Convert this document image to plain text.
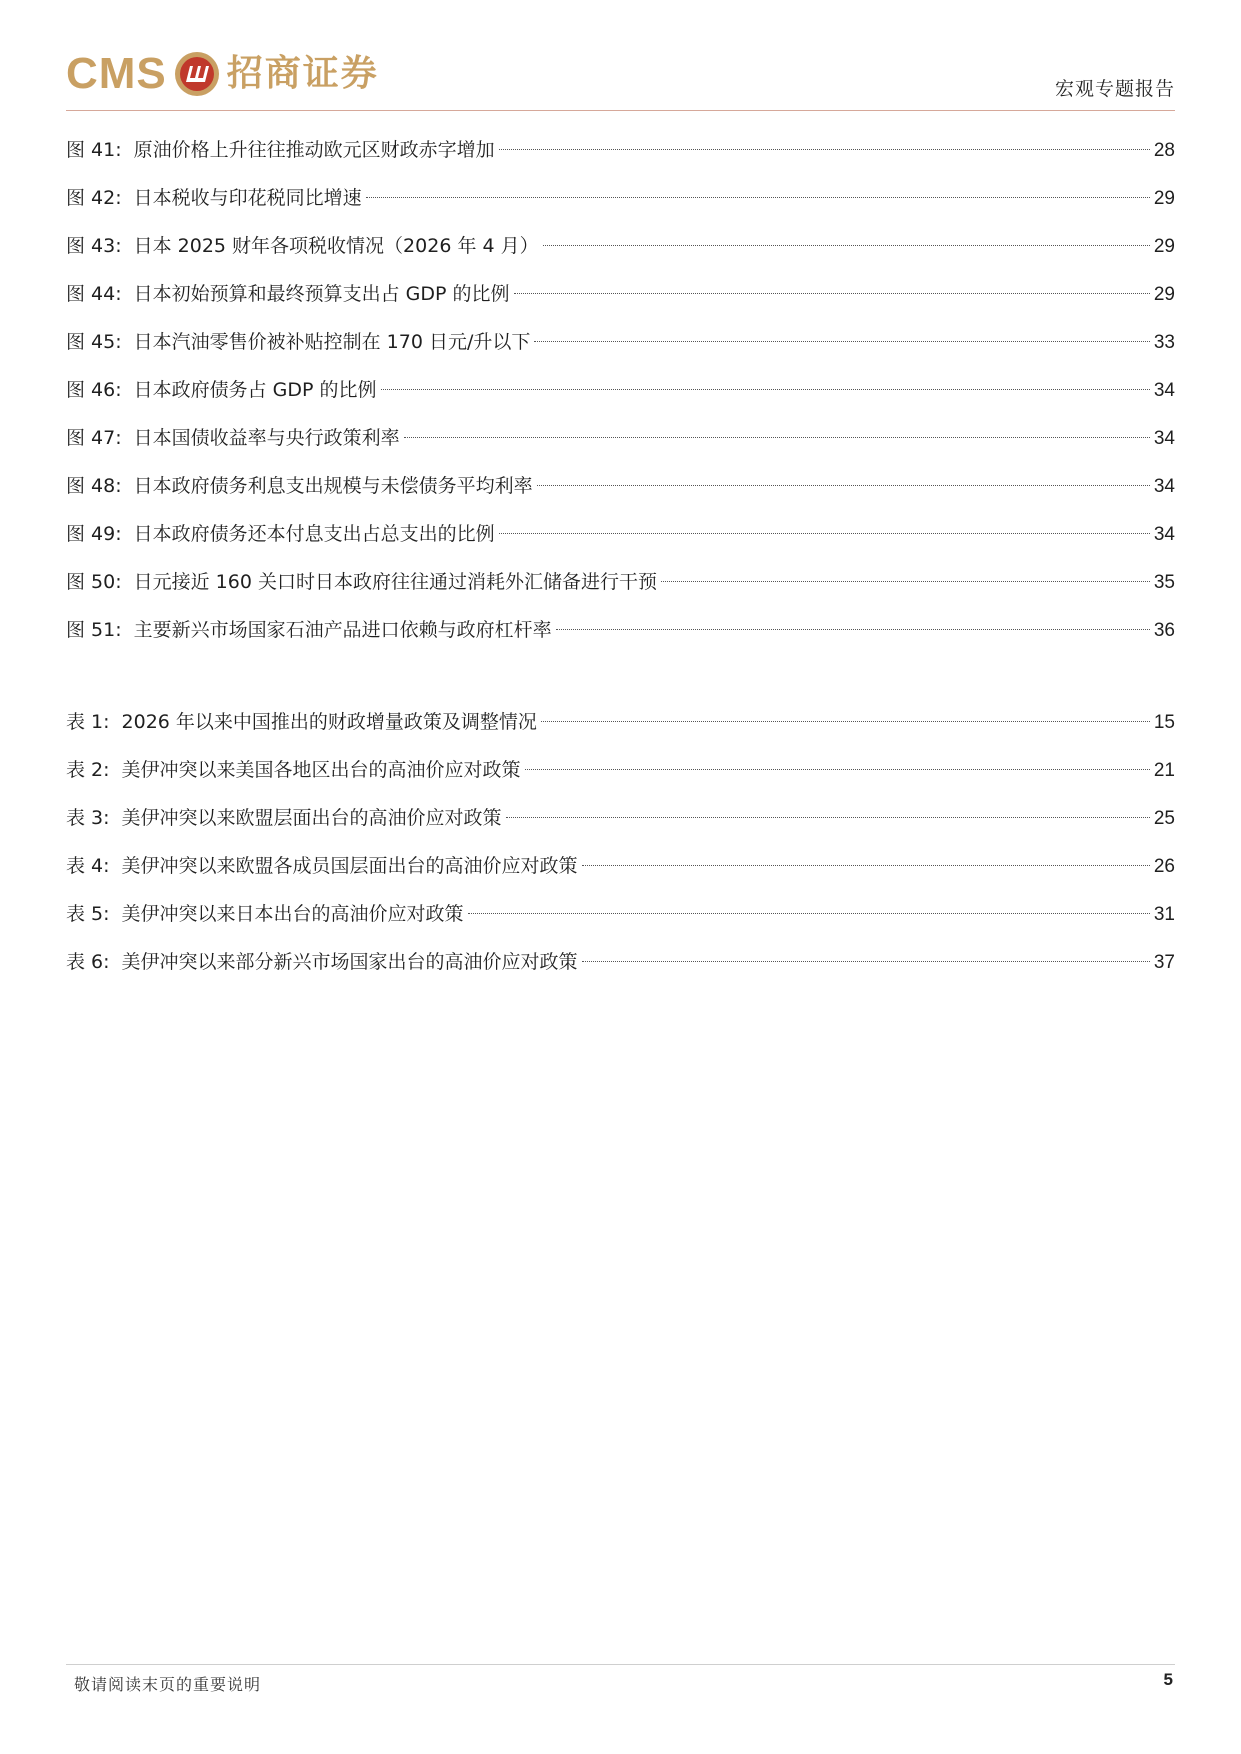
CMS 招商证券	宏观专题报告
图 41: 原油价格上升往往推动欧元区财政赤字增加	28
图 42: 日本税收与印花税同比增速	29
图 43: 日本 2025 财年各项税收情况（2026 年 4 月）	29
图 44: 日本初始预算和最终预算支出占 GDP 的比例	29
图 45: 日本汽油零售价被补贴控制在 170 日元/升以下	33
图 46: 日本政府债务占 GDP 的比例	34
图 47: 日本国债收益率与央行政策利率	34
图 48: 日本政府债务利息支出规模与未偿债务平均利率	34
图 49: 日本政府债务还本付息支出占总支出的比例	34
图 50: 日元接近 160 关口时日本政府往往通过消耗外汇储备进行干预	35
图 51: 主要新兴市场国家石油产品进口依赖与政府杠杆率	36
表 1: 2026 年以来中国推出的财政增量政策及调整情况	15
表 2: 美伊冲突以来美国各地区出台的高油价应对政策	21
表 3: 美伊冲突以来欧盟层面出台的高油价应对政策	25
表 4: 美伊冲突以来欧盟各成员国层面出台的高油价应对政策	26
表 5: 美伊冲突以来日本出台的高油价应对政策	31
表 6: 美伊冲突以来部分新兴市场国家出台的高油价应对政策	37
敬请阅读末页的重要说明	5
